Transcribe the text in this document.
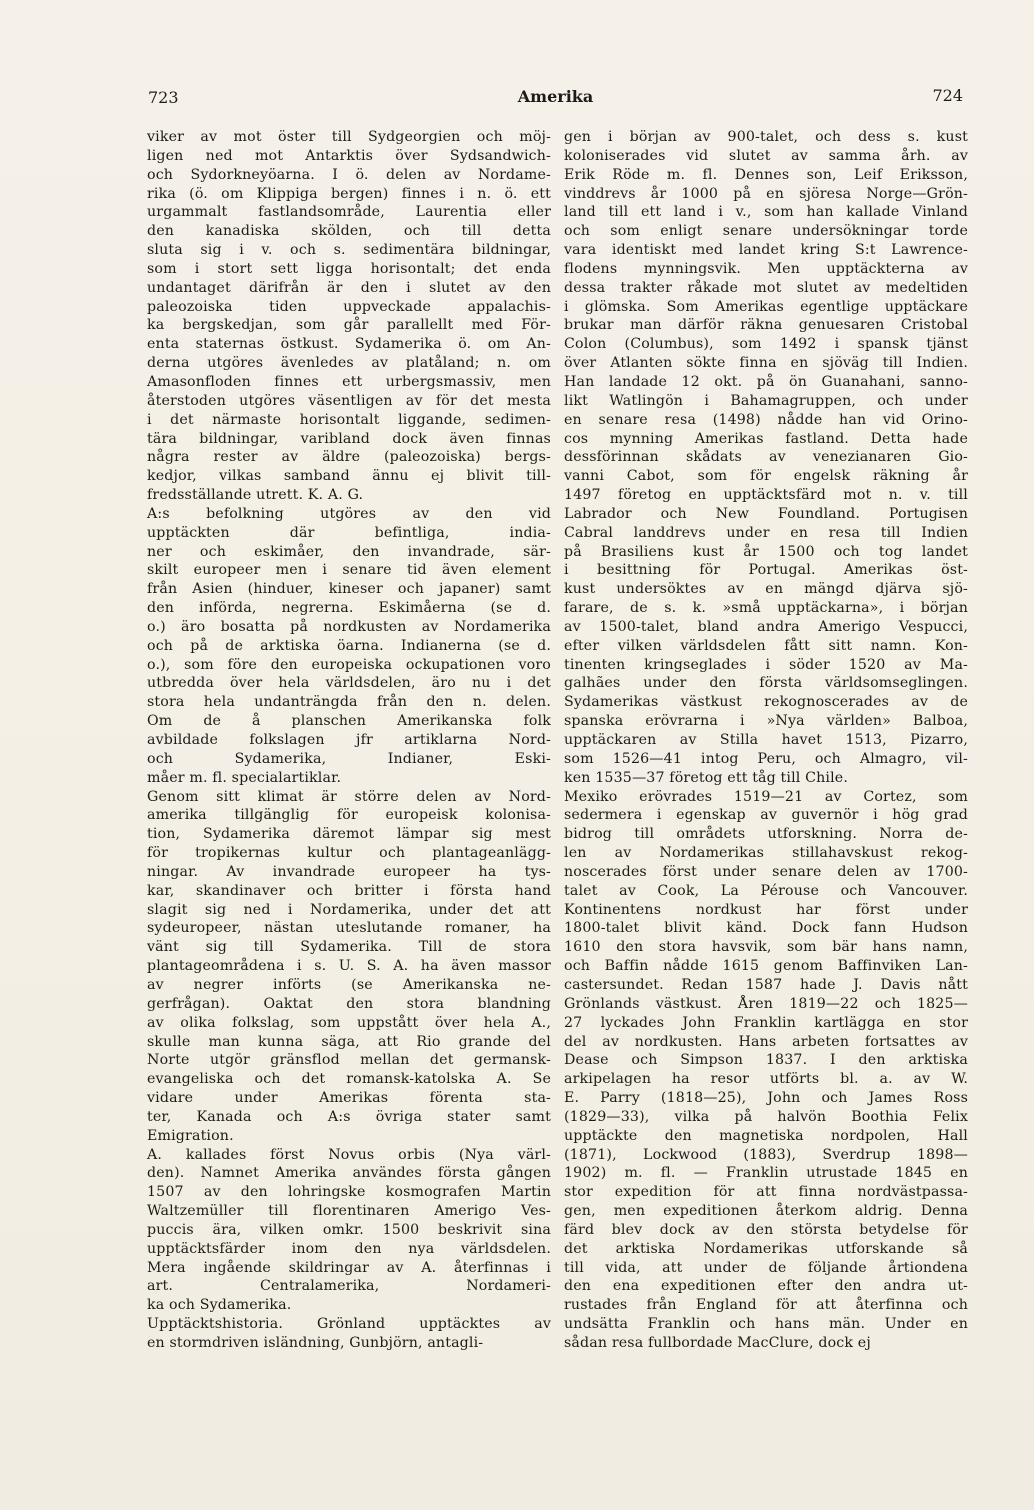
723	Amerika	724
viker av mot öster till Sydgeorgien och möj-
ligen ned mot Antarktis över Sydsandwich-
och Sydorkneyöarna. I ö. delen av Nordame-
rika (ö. om Klippiga bergen) finnes i n. ö. ett
urgammalt fastlandsområde, Laurentia eller
den kanadiska skölden, och till detta
sluta sig i v. och s. sedimentära bildningar,
som i stort sett ligga horisontalt; det enda
undantaget därifrån är den i slutet av den
paleozoiska tiden uppveckade appalachis-
ka bergskedjan, som går parallellt med För-
enta staternas östkust. Sydamerika ö. om An-
derna utgöres ävenledes av platåland; n. om
Amasonfloden finnes ett urbergsmassiv, men
återstoden utgöres väsentligen av för det mesta
i det närmaste horisontalt liggande, sedimen-
tära bildningar, varibland dock även finnas
några rester av äldre (paleozoiska) bergs-
kedjor, vilkas samband ännu ej blivit till-
fredsställande utrett. K. A. G.
A:s befolkning utgöres av den vid
upptäckten där befintliga, india-
ner och eskimåer, den invandrade, sär-
skilt europeer men i senare tid även element
från Asien (hinduer, kineser och japaner) samt
den införda, negrerna. Eskimåerna (se d.
o.) äro bosatta på nordkusten av Nordamerika
och på de arktiska öarna. Indianerna (se d.
o.), som före den europeiska ockupationen voro
utbredda över hela världsdelen, äro nu i det
stora hela undanträngda från den n. delen.
Om de å planschen Amerikanska folk
avbildade folkslagen jfr artiklarna Nord-
och Sydamerika, Indianer, Eski-
måer m. fl. specialartiklar.
Genom sitt klimat är större delen av Nord-
amerika tillgänglig för europeisk kolonisa-
tion, Sydamerika däremot lämpar sig mest
för tropikernas kultur och plantageanlägg-
ningar. Av invandrade europeer ha tys-
kar, skandinaver och britter i första hand
slagit sig ned i Nordamerika, under det att
sydeuropeer, nästan uteslutande romaner, ha
vänt sig till Sydamerika. Till de stora
plantageområdena i s. U. S. A. ha även massor
av negrer införts (se Amerikanska ne-
gerfrågan). Oaktat den stora blandning
av olika folkslag, som uppstått över hela A.,
skulle man kunna säga, att Rio grande del
Norte utgör gränsflod mellan det germansk-
evangeliska och det romansk-katolska A. Se
vidare under Amerikas förenta sta-
ter, Kanada och A:s övriga stater samt
Emigration.
A. kallades först Novus orbis (Nya värl-
den). Namnet Amerika användes första gången
1507 av den lohringske kosmografen Martin
Waltzemüller till florentinaren Amerigo Ves-
puccis ära, vilken omkr. 1500 beskrivit sina
upptäcktsfärder inom den nya världsdelen.
Mera ingående skildringar av A. återfinnas i
art. Centralamerika, Nordameri-
ka och Sydamerika.
Upptäcktshistoria. Grönland upptäcktes av
en stormdriven isländning, Gunbjörn, antagli-
gen i början av 900-talet, och dess s. kust
koloniserades vid slutet av samma årh. av
Erik Röde m. fl. Dennes son, Leif Eriksson,
vinddrevs år 1000 på en sjöresa Norge—Grön-
land till ett land i v., som han kallade Vinland
och som enligt senare undersökningar torde
vara identiskt med landet kring S:t Lawrence-
flodens mynningsvik. Men upptäckterna av
dessa trakter råkade mot slutet av medeltiden
i glömska. Som Amerikas egentlige upptäckare
brukar man därför räkna genuesaren Cristobal
Colon (Columbus), som 1492 i spansk tjänst
över Atlanten sökte finna en sjöväg till Indien.
Han landade 12 okt. på ön Guanahani, sanno-
likt Watlingön i Bahamagruppen, och under
en senare resa (1498) nådde han vid Orino-
cos mynning Amerikas fastland. Detta hade
dessförinnan skådats av venezianaren Gio-
vanni Cabot, som för engelsk räkning år
1497 företog en upptäcktsfärd mot n. v. till
Labrador och New Foundland. Portugisen
Cabral landdrevs under en resa till Indien
på Brasiliens kust år 1500 och tog landet
i besittning för Portugal. Amerikas öst-
kust undersöktes av en mängd djärva sjö-
farare, de s. k. »små upptäckarna», i början
av 1500-talet, bland andra Amerigo Vespucci,
efter vilken världsdelen fått sitt namn. Kon-
tinenten kringseglades i söder 1520 av Ma-
galhães under den första världsomseglingen.
Sydamerikas västkust rekognoscerades av de
spanska erövrarna i »Nya världen» Balboa,
upptäckaren av Stilla havet 1513, Pizarro,
som 1526—41 intog Peru, och Almagro, vil-
ken 1535—37 företog ett tåg till Chile.
Mexiko erövrades 1519—21 av Cortez, som
sedermera i egenskap av guvernör i hög grad
bidrog till områdets utforskning. Norra de-
len av Nordamerikas stillahavskust rekog-
noscerades först under senare delen av 1700-
talet av Cook, La Pérouse och Vancouver.
Kontinentens nordkust har först under
1800-talet blivit känd. Dock fann Hudson
1610 den stora havsvik, som bär hans namn,
och Baffin nådde 1615 genom Baffinviken Lan-
castersundet. Redan 1587 hade J. Davis nått
Grönlands västkust. Åren 1819—22 och 1825—
27 lyckades John Franklin kartlägga en stor
del av nordkusten. Hans arbeten fortsattes av
Dease och Simpson 1837. I den arktiska
arkipelagen ha resor utförts bl. a. av W.
E. Parry (1818—25), John och James Ross
(1829—33), vilka på halvön Boothia Felix
upptäckte den magnetiska nordpolen, Hall
(1871), Lockwood (1883), Sverdrup 1898—
1902) m. fl. — Franklin utrustade 1845 en
stor expedition för att finna nordvästpassa-
gen, men expeditionen återkom aldrig. Denna
färd blev dock av den största betydelse för
det arktiska Nordamerikas utforskande så
till vida, att under de följande årtiondena
den ena expeditionen efter den andra ut-
rustades från England för att återfinna och
undsätta Franklin och hans män. Under en
sådan resa fullbordade MacClure, dock ej
